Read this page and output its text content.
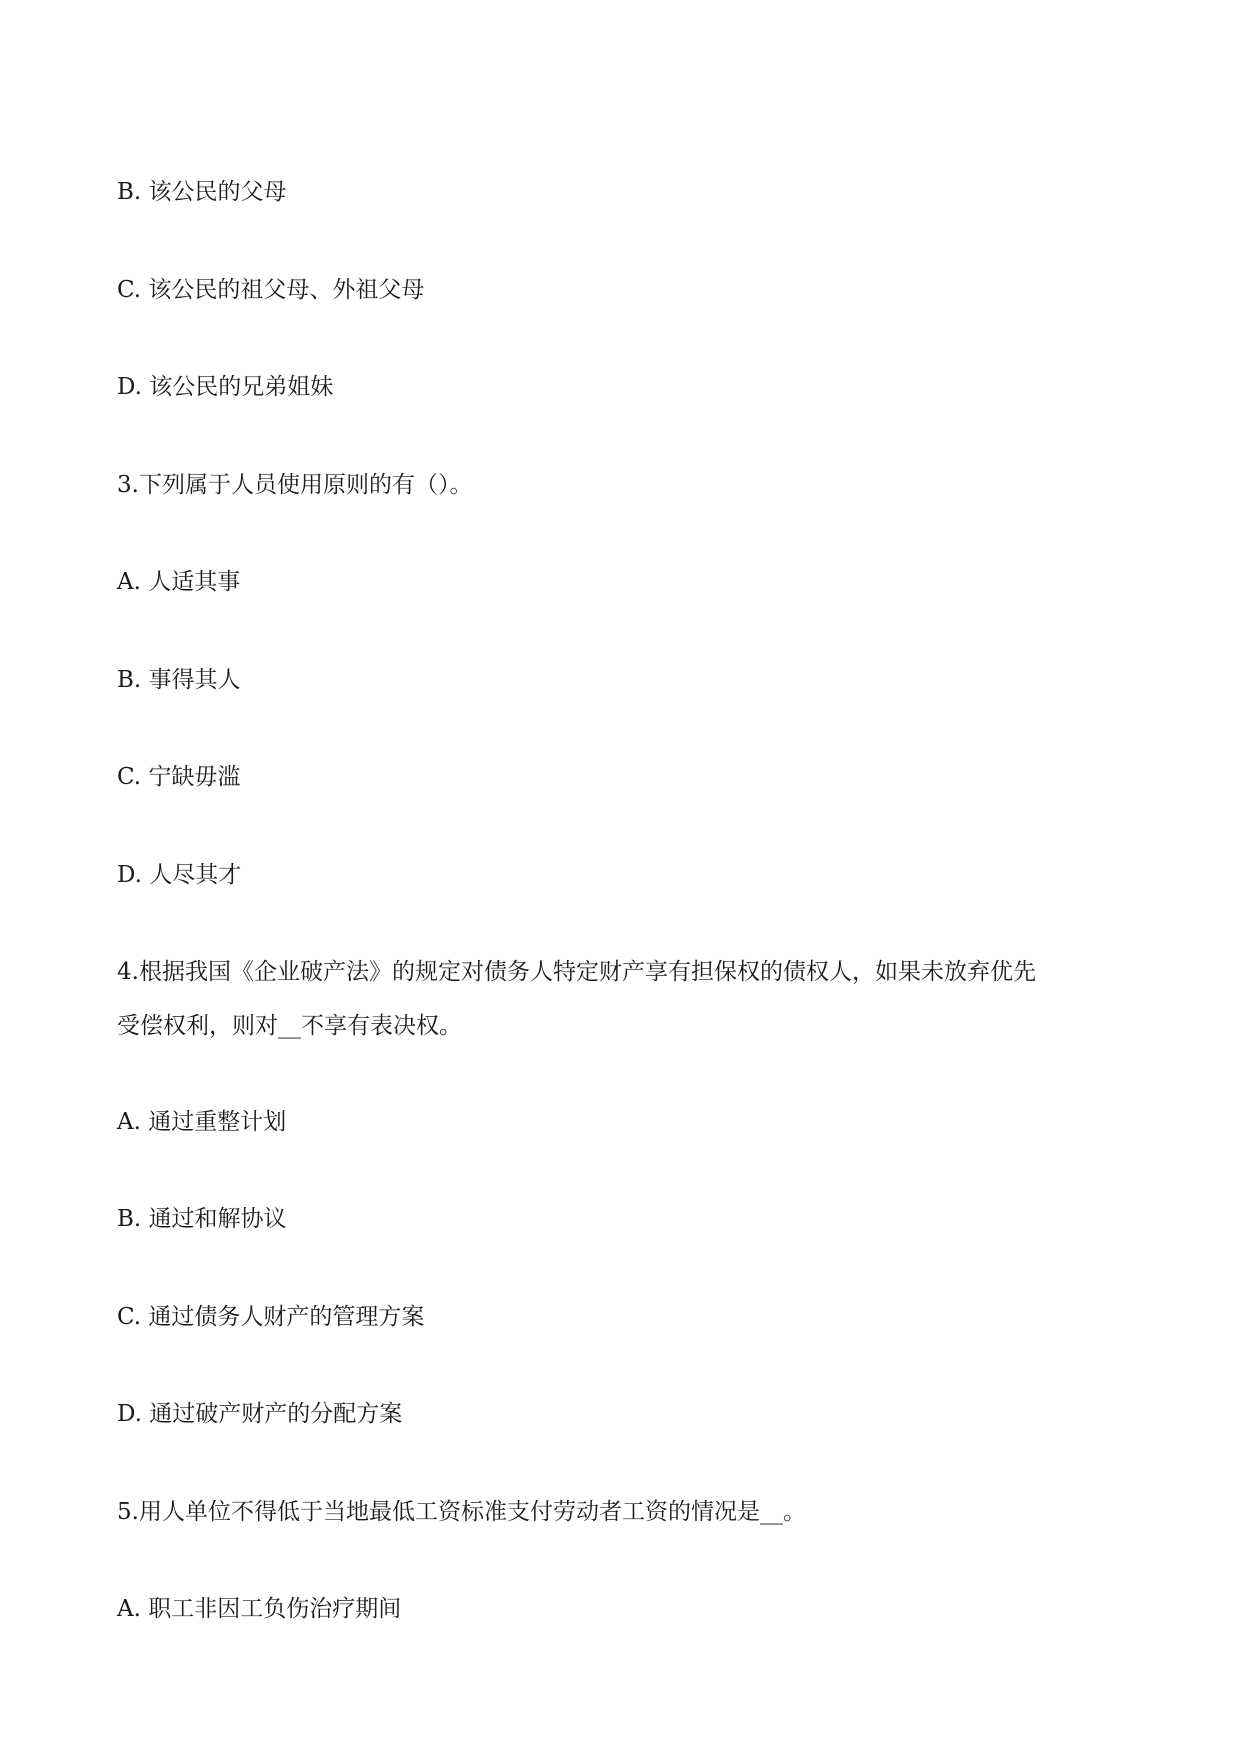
B. 该公民的父母
C. 该公民的祖父母、外祖父母
D. 该公民的兄弟姐妹
3.下列属于人员使用原则的有（）。
A. 人适其事
B. 事得其人
C. 宁缺毋滥
D. 人尽其才
4.根据我国《企业破产法》的规定对债务人特定财产享有担保权的债权人，如果未放弃优先
受偿权利，则对__不享有表决权。
A. 通过重整计划
B. 通过和解协议
C. 通过债务人财产的管理方案
D. 通过破产财产的分配方案
5.用人单位不得低于当地最低工资标准支付劳动者工资的情况是__。
A. 职工非因工负伤治疗期间
